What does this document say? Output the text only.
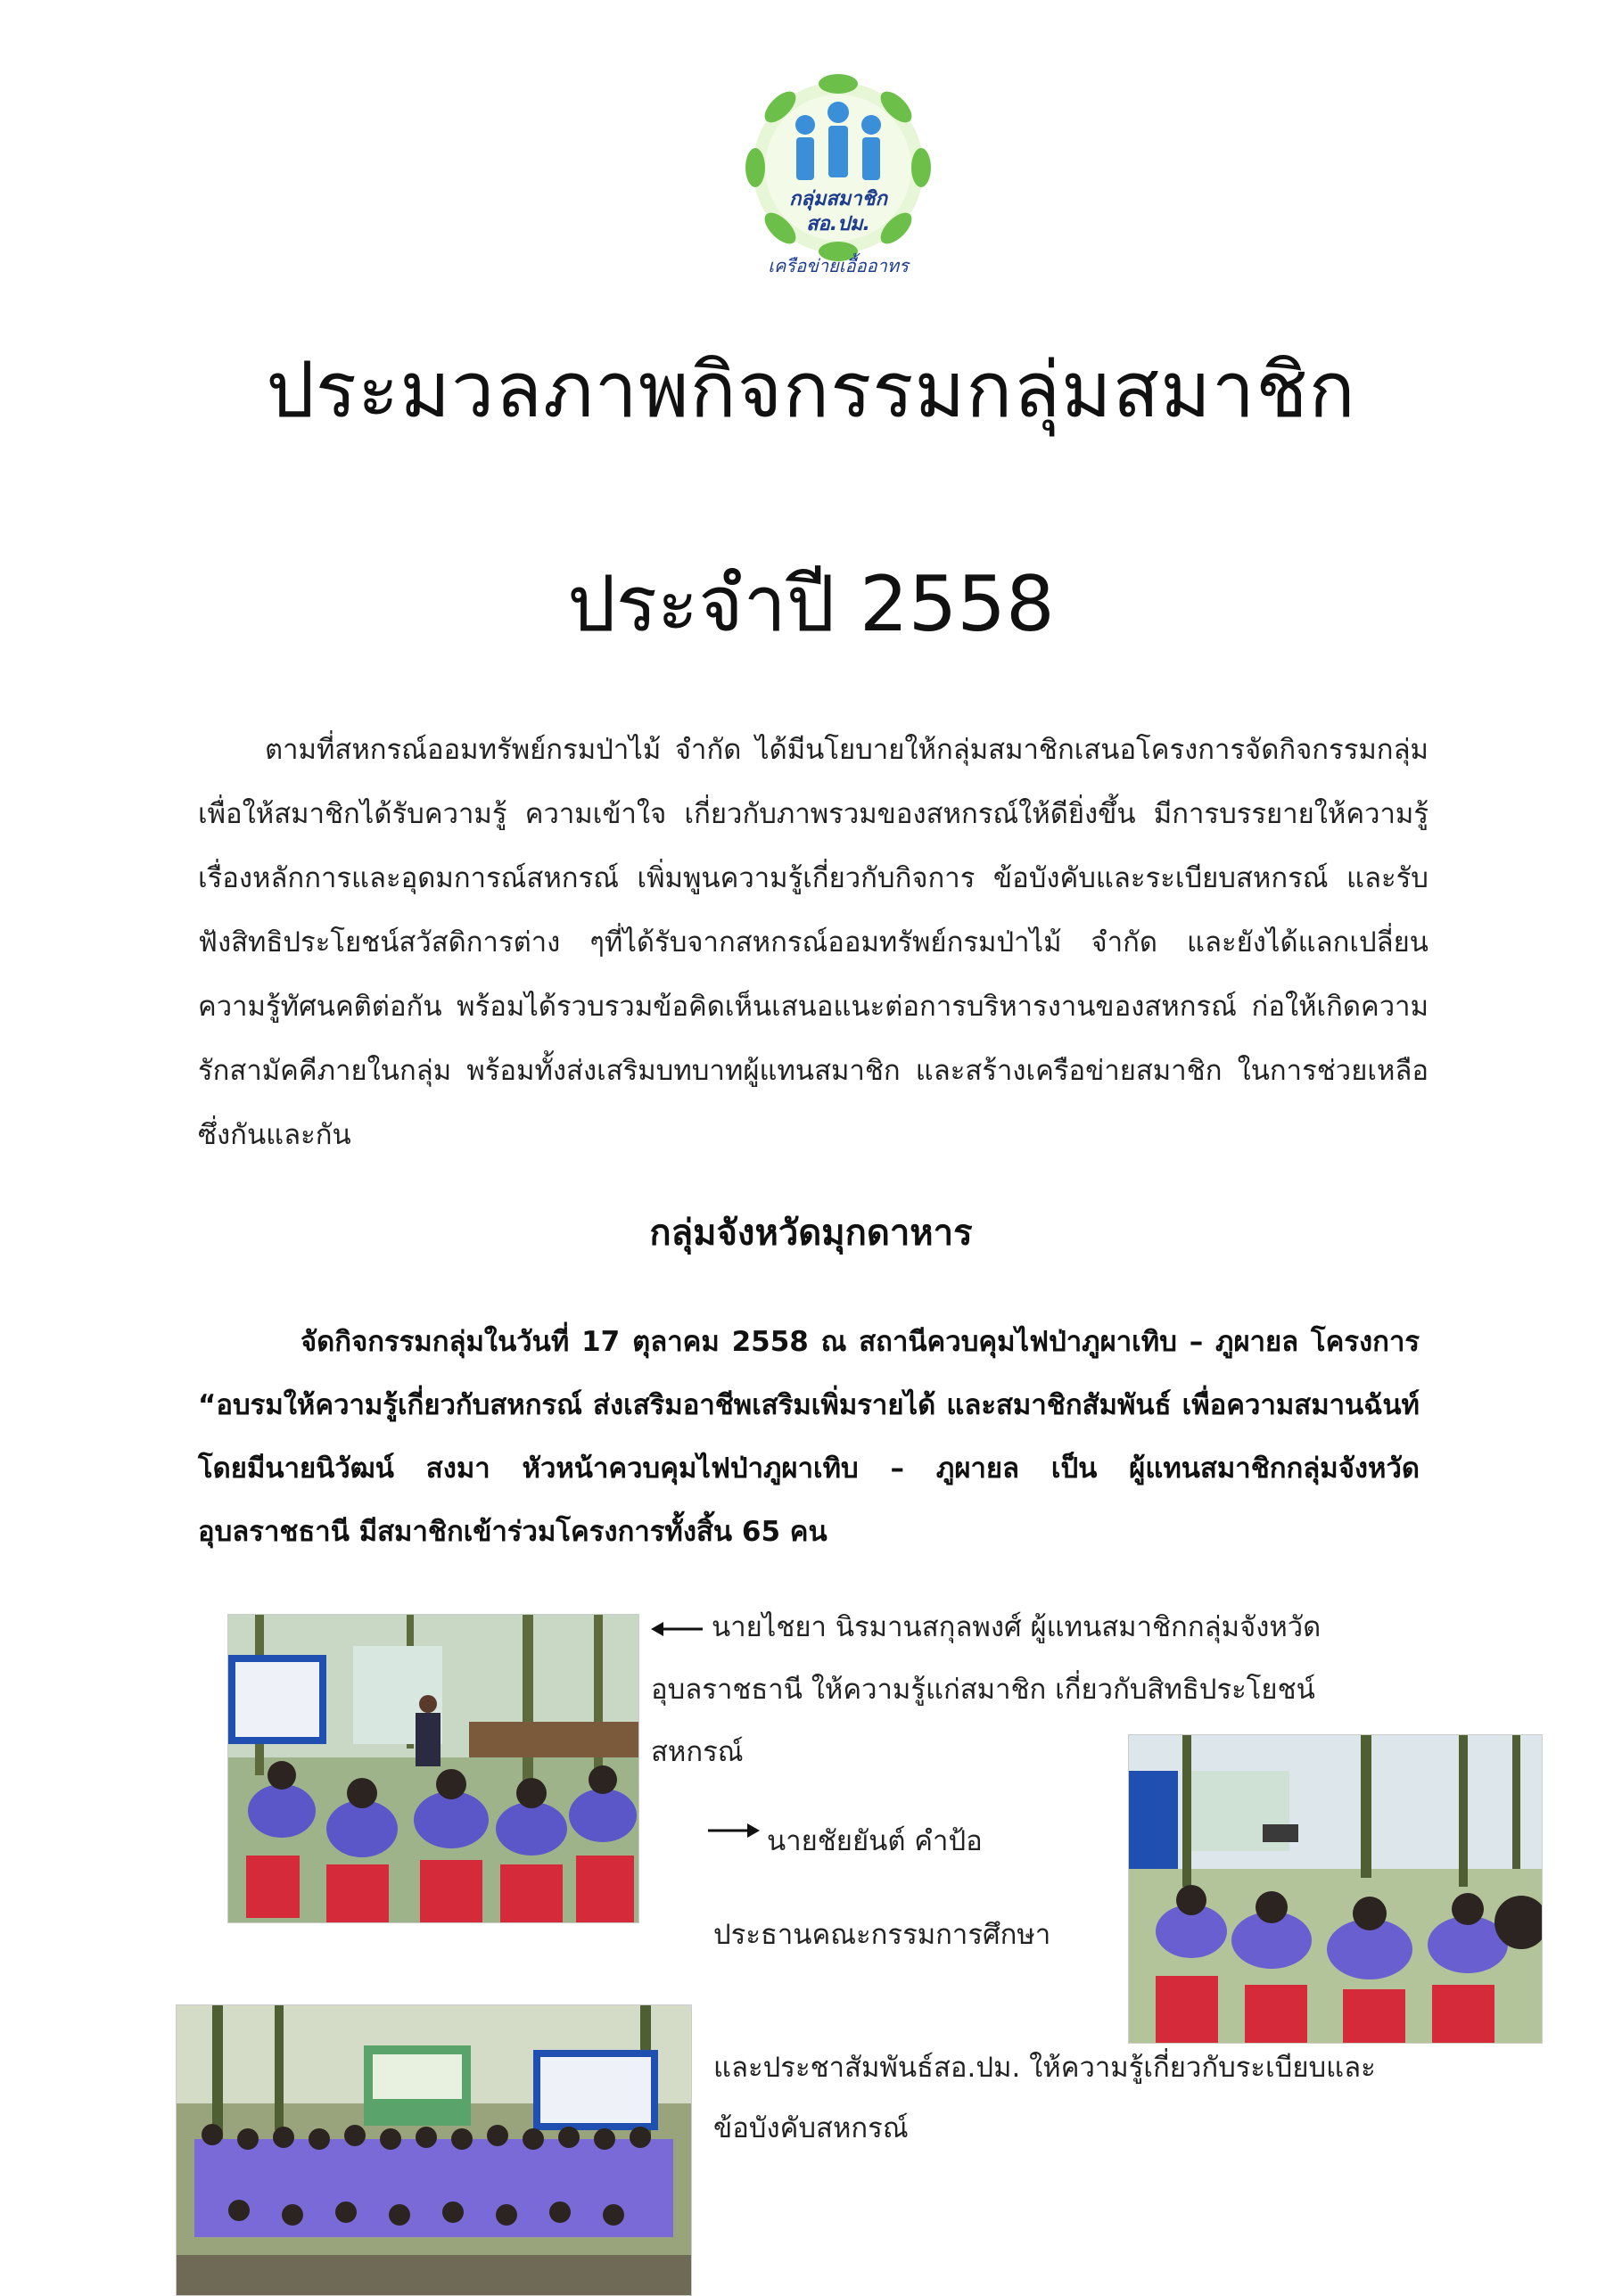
กลุ่มสมาชิก
สอ.ปม.
เครือข่ายเอื้ออาทร
ประมวลภาพกิจกรรมกลุ่มสมาชิก
ประจำปี 2558
ตามที่สหกรณ์ออมทรัพย์กรมป่าไม้ จำกัด ได้มีนโยบายให้กลุ่มสมาชิกเสนอโครงการจัดกิจกรรมกลุ่ม เพื่อให้สมาชิกได้รับความรู้ ความเข้าใจ เกี่ยวกับภาพรวมของสหกรณ์ให้ดียิ่งขึ้น มีการบรรยายให้ความรู้เรื่องหลักการและอุดมการณ์สหกรณ์ เพิ่มพูนความรู้เกี่ยวกับกิจการ ข้อบังคับและระเบียบสหกรณ์ และรับฟังสิทธิประโยชน์สวัสดิการต่าง ๆที่ได้รับจากสหกรณ์ออมทรัพย์กรมป่าไม้ จำกัด และยังได้แลกเปลี่ยนความรู้ทัศนคติต่อกัน พร้อมได้รวบรวมข้อคิดเห็นเสนอแนะต่อการบริหารงานของสหกรณ์ ก่อให้เกิดความรักสามัคคีภายในกลุ่ม พร้อมทั้งส่งเสริมบทบาทผู้แทนสมาชิก และสร้างเครือข่ายสมาชิก ในการช่วยเหลือซึ่งกันและกัน
กลุ่มจังหวัดมุกดาหาร
จัดกิจกรรมกลุ่มในวันที่ 17 ตุลาคม 2558 ณ สถานีควบคุมไฟป่าภูผาเทิบ – ภูผายล โครงการ “อบรมให้ความรู้เกี่ยวกับสหกรณ์ ส่งเสริมอาชีพเสริมเพิ่มรายได้ และสมาชิกสัมพันธ์ เพื่อความสมานฉันท์ โดยมีนายนิวัฒน์ สงมา หัวหน้าควบคุมไฟป่าภูผาเทิบ – ภูผายล เป็น ผู้แทนสมาชิกกลุ่มจังหวัดอุบลราชธานี มีสมาชิกเข้าร่วมโครงการทั้งสิ้น 65 คน
นายไชยา นิรมานสกุลพงศ์ ผู้แทนสมาชิกกลุ่มจังหวัด
อุบลราชธานี ให้ความรู้แก่สมาชิก เกี่ยวกับสิทธิประโยชน์
สหกรณ์
นายชัยยันต์ คำป้อ
ประธานคณะกรรมการศึกษา
และประชาสัมพันธ์สอ.ปม. ให้ความรู้เกี่ยวกับระเบียบและ
ข้อบังคับสหกรณ์
